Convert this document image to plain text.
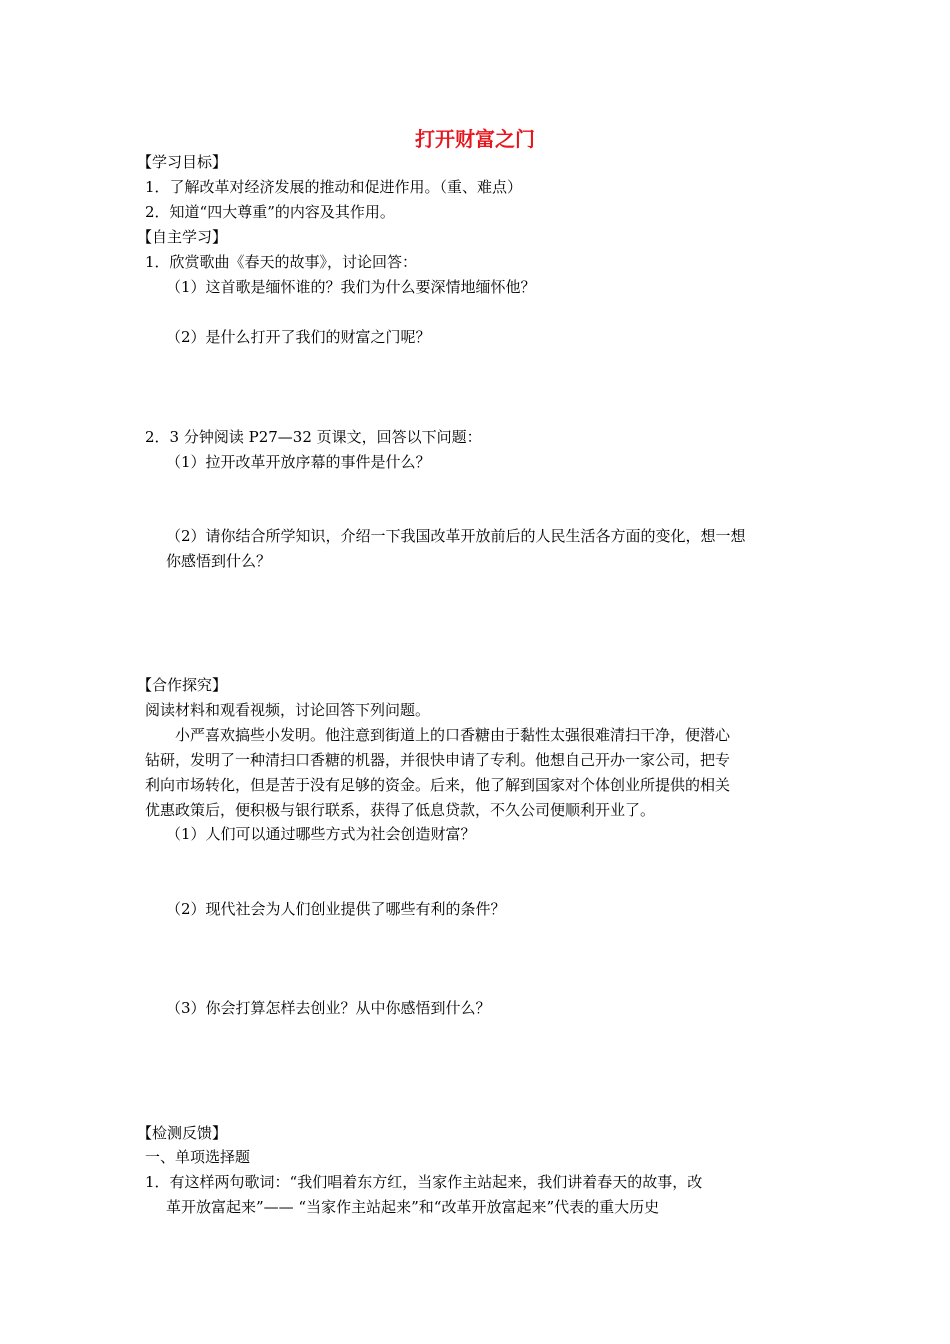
打开财富之门
【学习目标】
1．了解改革对经济发展的推动和促进作用。（重、难点）
2．知道“四大尊重”的内容及其作用。
【自主学习】
1．欣赏歌曲《春天的故事》，讨论回答：
（1）这首歌是缅怀谁的？我们为什么要深情地缅怀他？
（2）是什么打开了我们的财富之门呢？
2．3 分钟阅读 P27—32 页课文，回答以下问题：
（1）拉开改革开放序幕的事件是什么？
（2）请你结合所学知识，介绍一下我国改革开放前后的人民生活各方面的变化，想一想
你感悟到什么？
【合作探究】
阅读材料和观看视频，讨论回答下列问题。
小严喜欢搞些小发明。他注意到街道上的口香糖由于黏性太强很难清扫干净，便潜心
钻研，发明了一种清扫口香糖的机器，并很快申请了专利。他想自己开办一家公司，把专
利向市场转化，但是苦于没有足够的资金。后来，他了解到国家对个体创业所提供的相关
优惠政策后，便积极与银行联系，获得了低息贷款，不久公司便顺利开业了。
（1）人们可以通过哪些方式为社会创造财富？
（2）现代社会为人们创业提供了哪些有利的条件？
（3）你会打算怎样去创业？从中你感悟到什么？
【检测反馈】
一、单项选择题
1．有这样两句歌词：“我们唱着东方红，当家作主站起来，我们讲着春天的故事，改
革开放富起来”—— “当家作主站起来”和“改革开放富起来”代表的重大历史
